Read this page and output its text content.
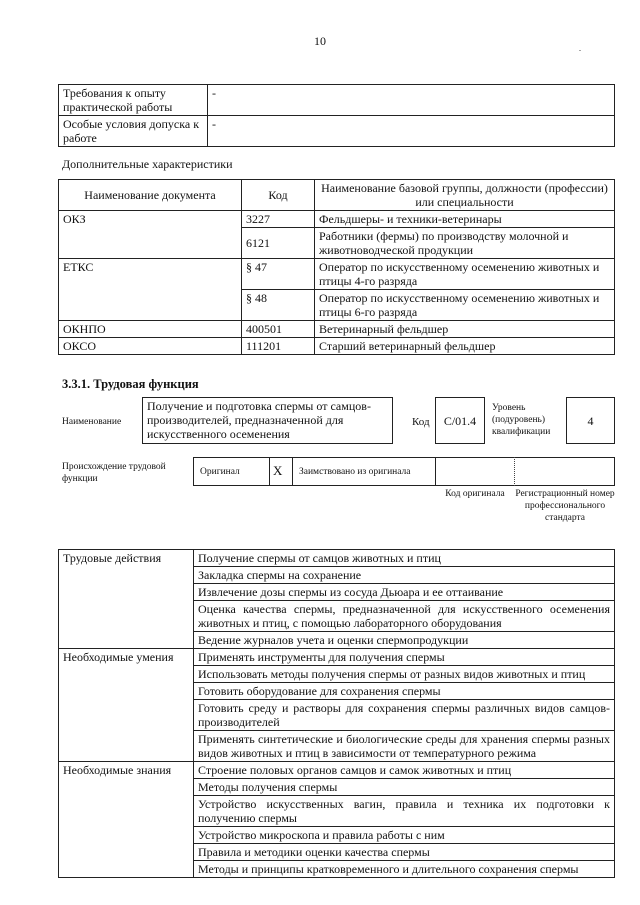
10
.
Требования к опыту практической работы	-
Особые условия допуска к работе	-
Дополнительные характеристики
Наименование документа	Код	Наименование базовой группы, должности (профессии) или специальности
ОКЗ	3227	Фельдшеры- и техники-ветеринары
	6121	Работники (фермы) по производству молочной и животноводческой продукции
ЕТКС	§ 47	Оператор по искусственному осеменению животных и птицы 4-го разряда
	§ 48	Оператор по искусственному осеменению животных и птицы 6-го разряда
ОКНПО	400501	Ветеринарный фельдшер
ОКСО	111201	Старший ветеринарный фельдшер
3.3.1. Трудовая функция
Наименование
Получение и подготовка спермы от самцов-производителей, предназначенной для искусственного осеменения
Код	С/01.4
Уровень (подуровень) квалификации
4
Происхождение трудовой функции
Оригинал	X Заимствовано из оригинала
Код оригинала	Регистрационный номер профессионального стандарта
Трудовые действия	Получение спермы от самцов животных и птиц
	Закладка спермы на сохранение
	Извлечение дозы спермы из сосуда Дьюара и ее оттаивание
	Оценка качества спермы, предназначенной для искусственного осеменения животных и птиц, с помощью лабораторного оборудования
	Ведение журналов учета и оценки спермопродукции
Необходимые умения	Применять инструменты для получения спермы
	Использовать методы получения спермы от разных видов животных и птиц
	Готовить оборудование для сохранения спермы
	Готовить среду и растворы для сохранения спермы различных видов самцов-производителей
	Применять синтетические и биологические среды для хранения спермы разных видов животных и птиц в зависимости от температурного режима
Необходимые знания	Строение половых органов самцов и самок животных и птиц
	Методы получения спермы
	Устройство искусственных вагин, правила и техника их подготовки к получению спермы
	Устройство микроскопа и правила работы с ним
	Правила и методики оценки качества спермы
	Методы и принципы кратковременного и длительного сохранения спермы
